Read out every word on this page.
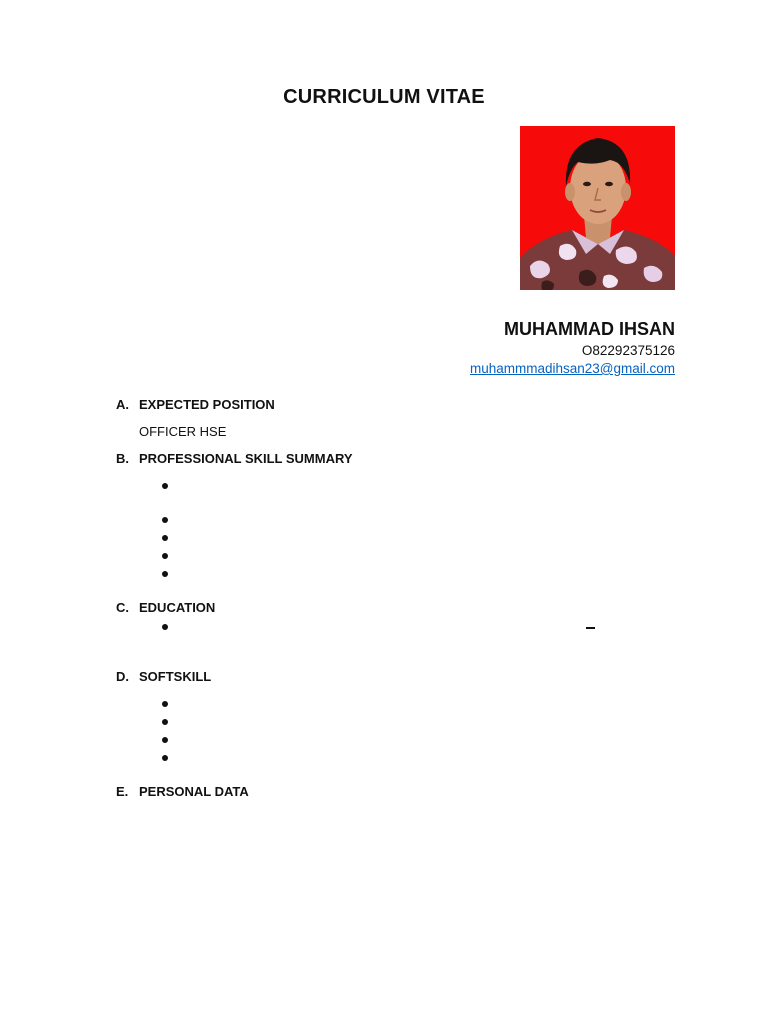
CURRICULUM VITAE
MUHAMMAD IHSAN
O82292375126
muhammmadihsan23@gmail.com
A. EXPECTED POSITION
OFFICER HSE
B. PROFESSIONAL SKILL SUMMARY
C. EDUCATION
D. SOFTSKILL
E. PERSONAL DATA
